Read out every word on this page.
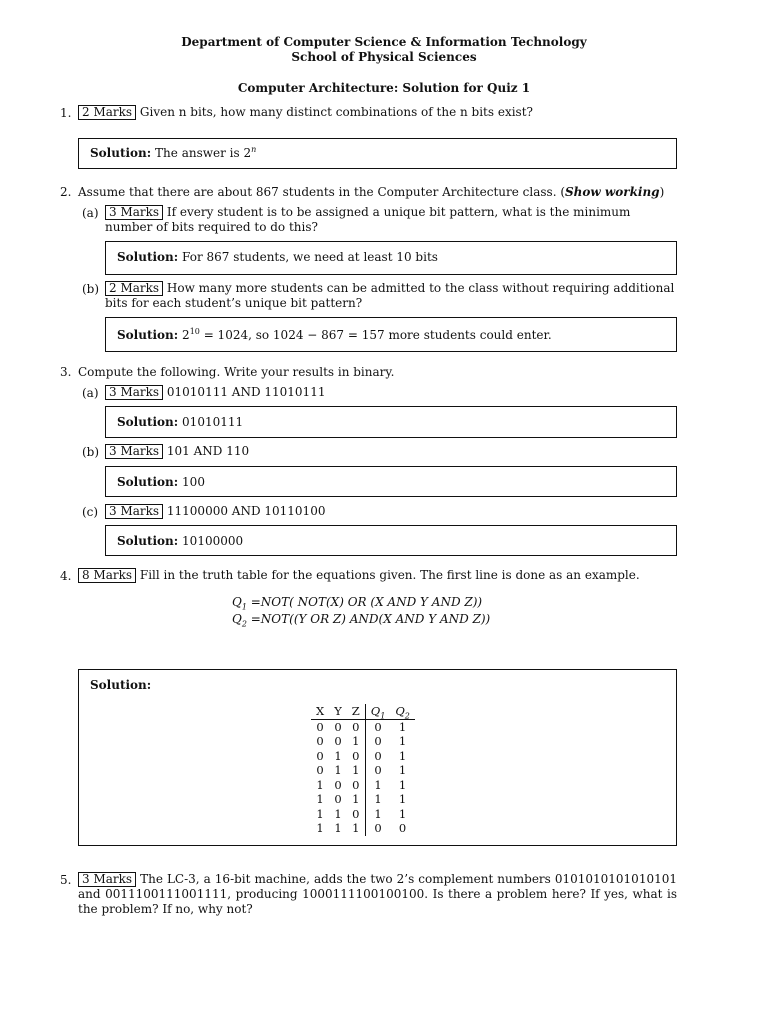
Department of Computer Science & Information Technology
School of Physical Sciences
Computer Architecture: Solution for Quiz 1
1. 2 Marks Given n bits, how many distinct combinations of the n bits exist?
Solution: The answer is 2$^n$
2. Assume that there are about 867 students in the Computer Architecture class. (Show working)
(a) 3 Marks If every student is to be assigned a unique bit pattern, what is the minimum number of bits required to do this?
Solution: For 867 students, we need at least 10 bits
(b) 2 Marks How many more students can be admitted to the class without requiring additional bits for each student’s unique bit pattern?
Solution: $2^{10} = 1024$, so 1024 − 867 = 157 more students could enter.
3. Compute the following. Write your results in binary.
(a) 3 Marks 01010111 AND 11010111
Solution: 01010111
(b) 3 Marks 101 AND 110
Solution: 100
(c) 3 Marks 11100000 AND 10110100
Solution: 10100000
4. 8 Marks Fill in the truth table for the equations given. The first line is done as an example.
$Q_1 =NOT$( NOT(X) OR (X AND Y AND Z))
$Q_2 =NOT((Y$ OR Z) AND(X AND Y AND Z))
Solution:
X	Y	Z	$Q_1$	$Q_2$
0	0	0	0	1
0	0	1	0	1
0	1	0	0	1
0	1	1	0	1
1	0	0	1	1
1	0	1	1	1
1	1	0	1	1
1	1	1	0	0
5. 3 Marks The LC-3, a 16-bit machine, adds the two 2’s complement numbers 0101010101010101 and 0011100111001111, producing 1000111100100100. Is there a problem here? If yes, what is the problem? If no, why not?
